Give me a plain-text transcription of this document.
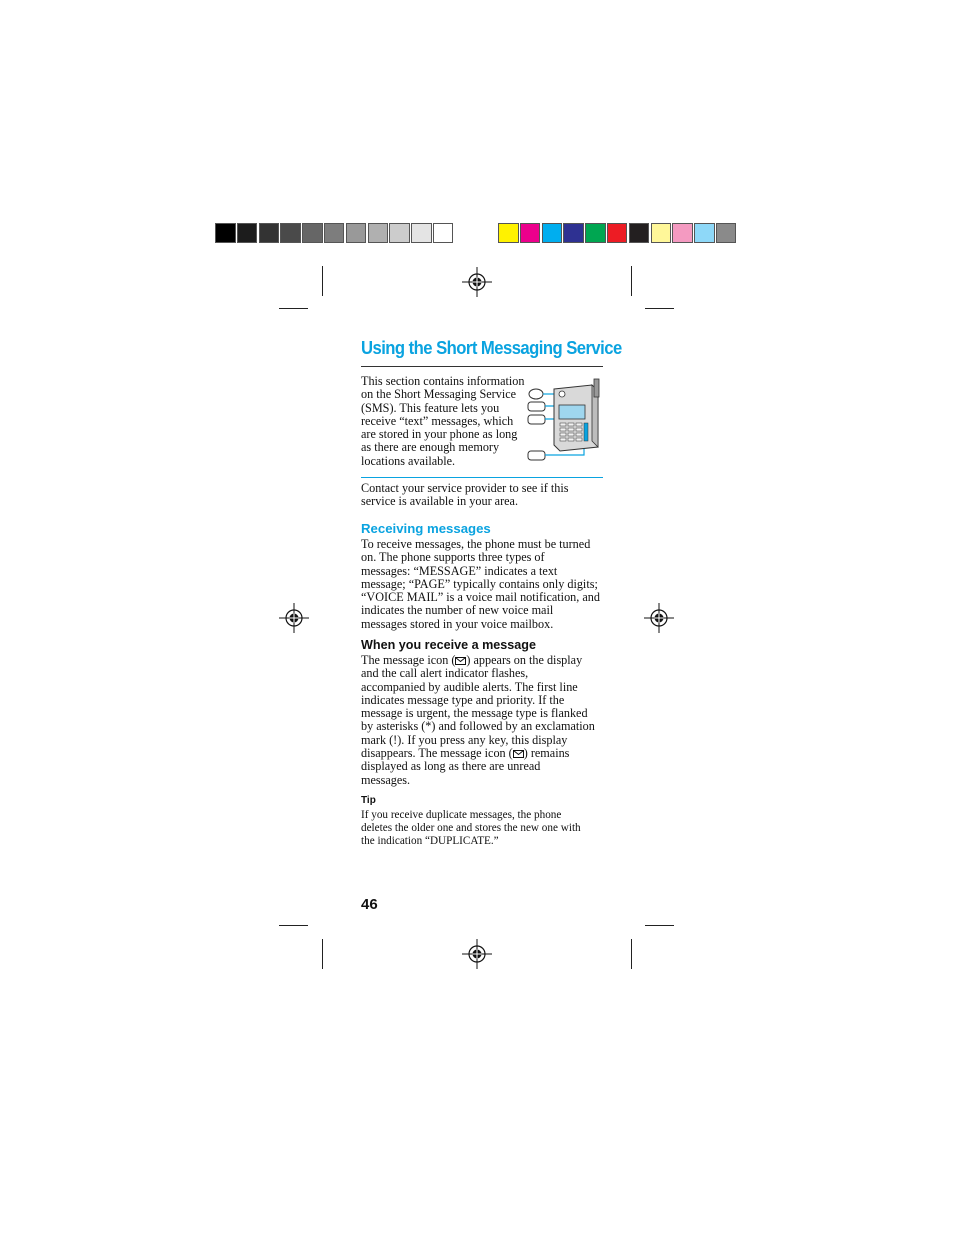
Using the Short Messaging Service
This section contains information
on the Short Messaging Service
(SMS). This feature lets you
receive “text” messages, which
are stored in your phone as long
as there are enough memory
locations available.
Contact your service provider to see if this
service is available in your area.
Receiving messages
To receive messages, the phone must be turned
on. The phone supports three types of
messages: “MESSAGE” indicates a text
message; “PAGE” typically contains only digits;
“VOICE MAIL” is a voice mail notification, and
indicates the number of new voice mail
messages stored in your voice mailbox.
When you receive a message
The message icon ( ) appears on the display
and the call alert indicator flashes,
accompanied by audible alerts. The first line
indicates message type and priority. If the
message is urgent, the message type is flanked
by asterisks (*) and followed by an exclamation
mark (!). If you press any key, this display
disappears. The message icon ( ) remains
displayed as long as there are unread
messages.
Tip
If you receive duplicate messages, the phone
deletes the older one and stores the new one with
the indication “DUPLICATE.”
46
